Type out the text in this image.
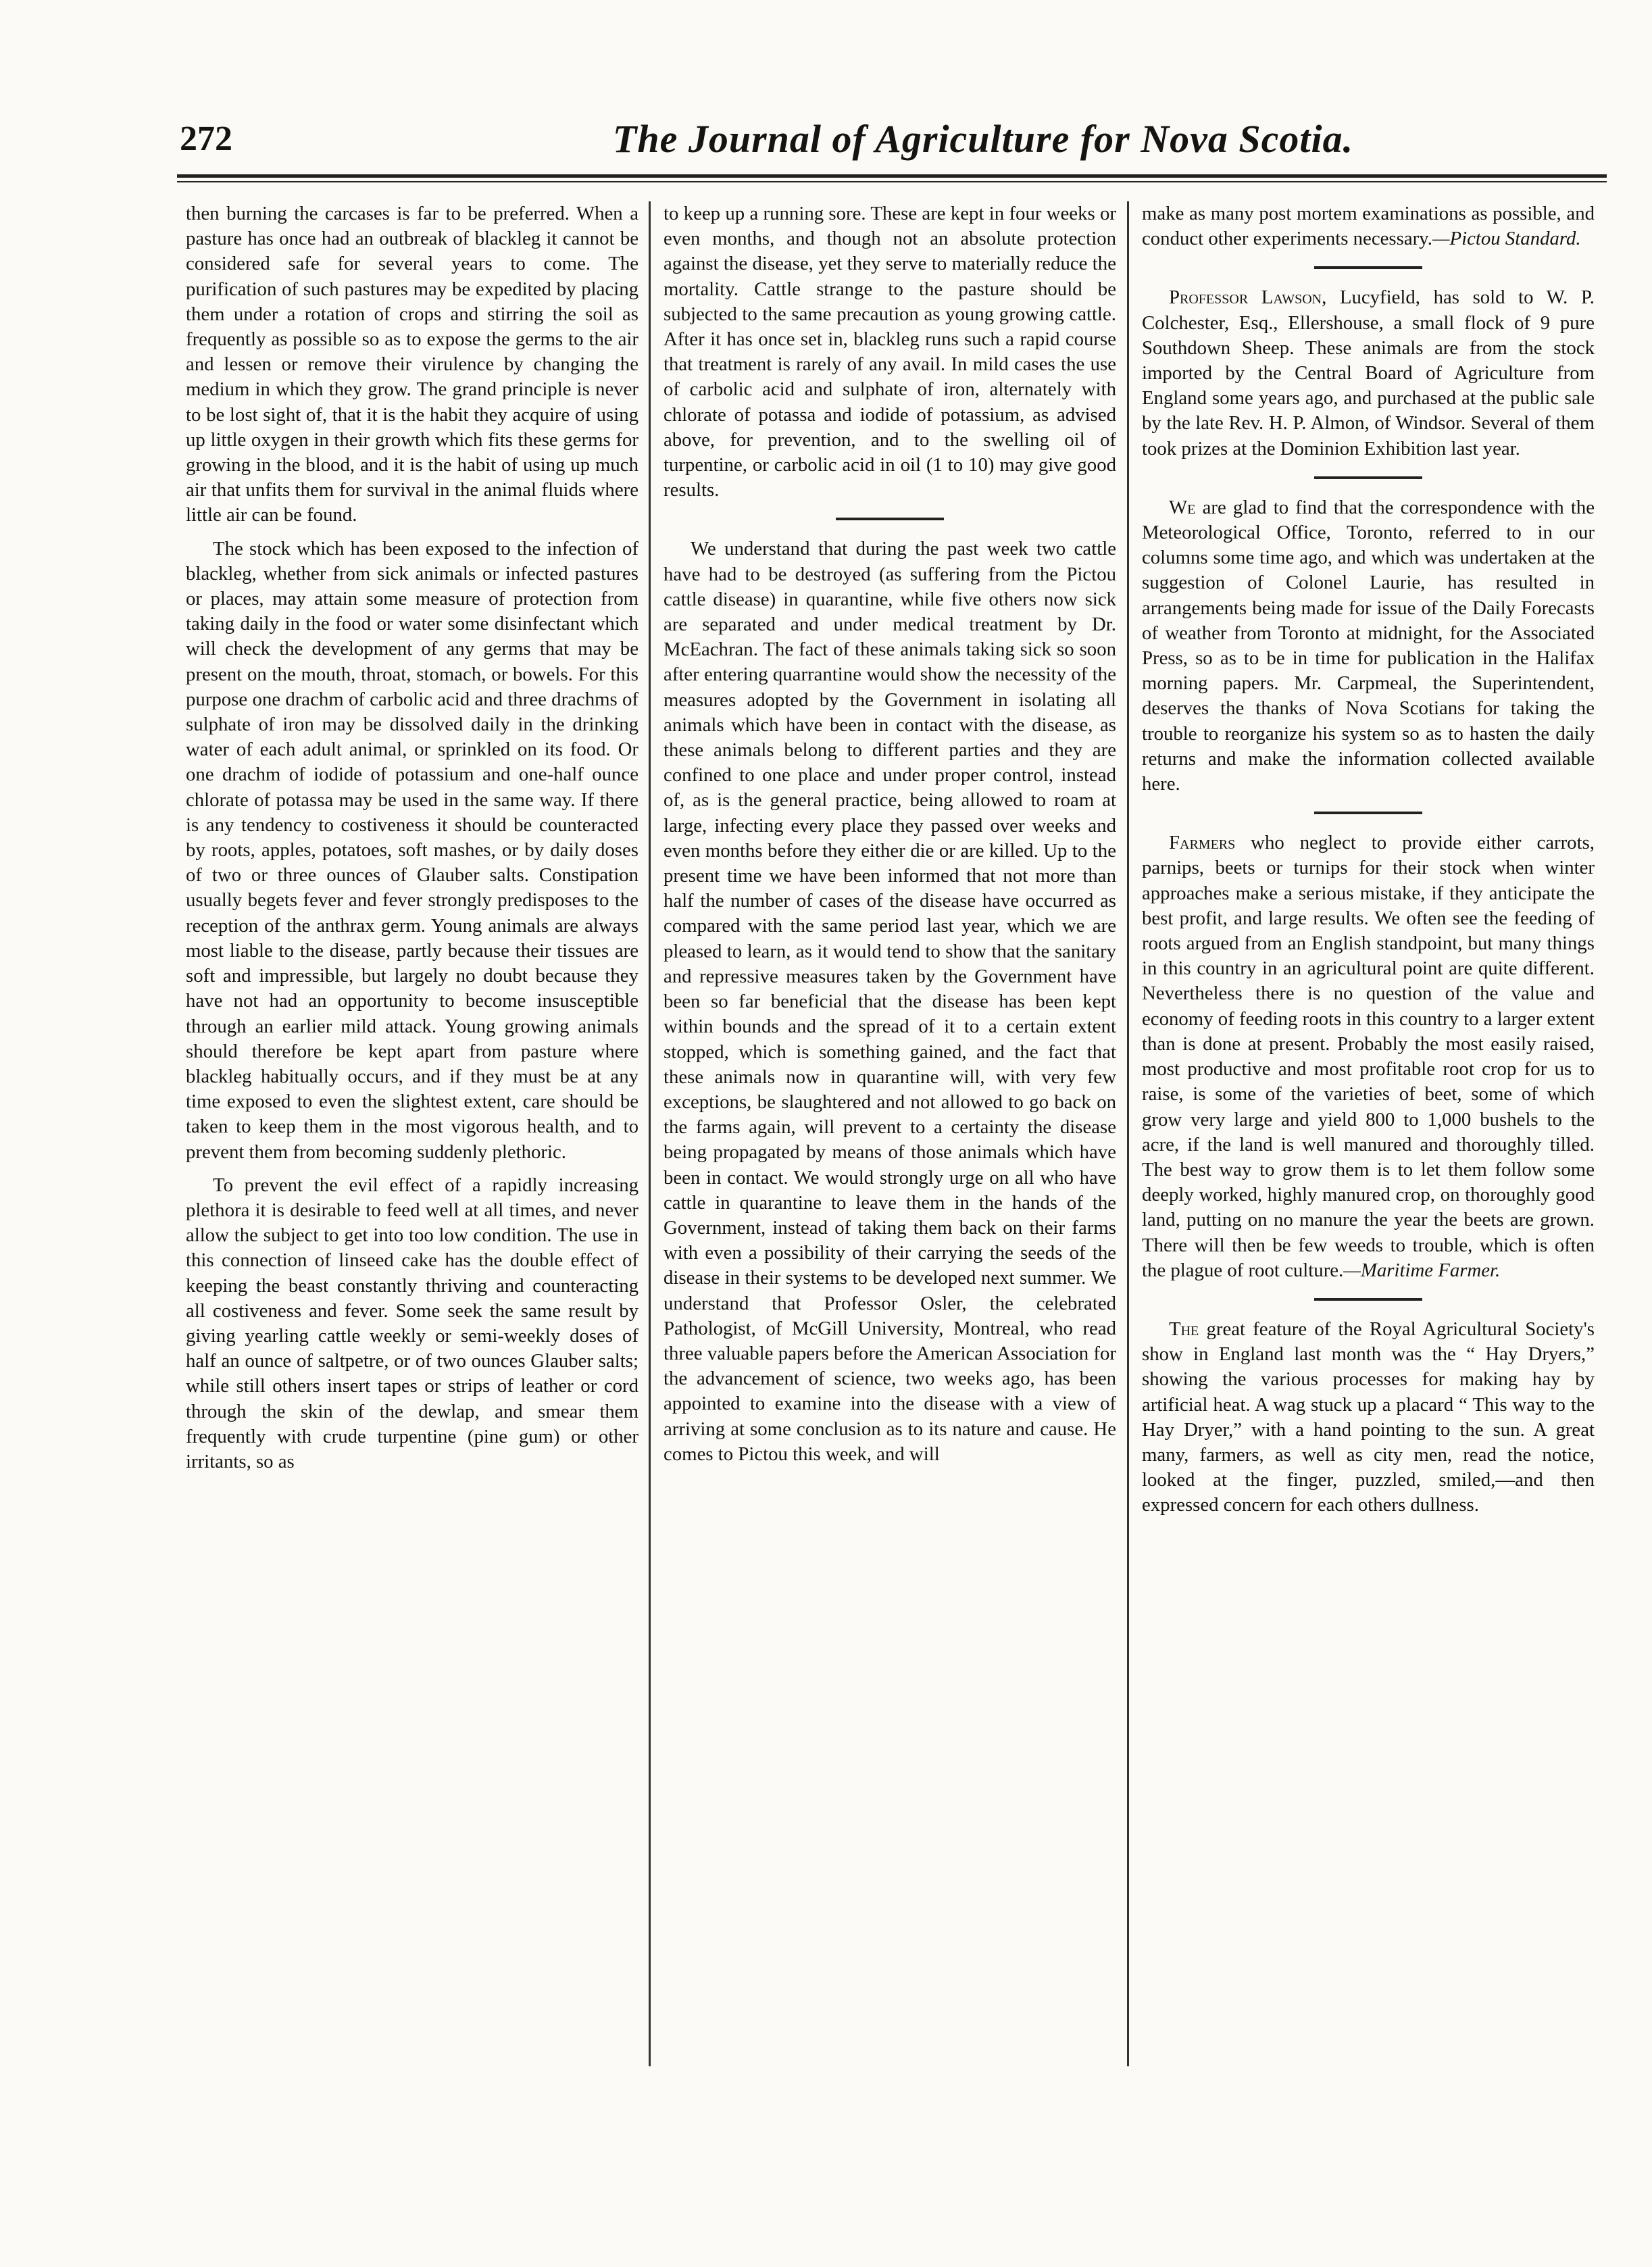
272	The Journal of Agriculture for Nova Scotia.

then burning the carcases is far to be preferred. When a pasture has once had an outbreak of blackleg it cannot be considered safe for several years to come. The purification of such pastures may be expedited by placing them under a rotation of crops and stirring the soil as frequently as possible so as to expose the germs to the air and lessen or remove their virulence by changing the medium in which they grow. The grand principle is never to be lost sight of, that it is the habit they acquire of using up little oxygen in their growth which fits these germs for growing in the blood, and it is the habit of using up much air that unfits them for survival in the animal fluids where little air can be found.

The stock which has been exposed to the infection of blackleg, whether from sick animals or infected pastures or places, may attain some measure of protection from taking daily in the food or water some disinfectant which will check the development of any germs that may be present on the mouth, throat, stomach, or bowels. For this purpose one drachm of carbolic acid and three drachms of sulphate of iron may be dissolved daily in the drinking water of each adult animal, or sprinkled on its food. Or one drachm of iodide of potassium and one-half ounce chlorate of potassa may be used in the same way. If there is any tendency to costiveness it should be counteracted by roots, apples, potatoes, soft mashes, or by daily doses of two or three ounces of Glauber salts. Constipation usually begets fever and fever strongly predisposes to the reception of the anthrax germ. Young animals are always most liable to the disease, partly because their tissues are soft and impressible, but largely no doubt because they have not had an opportunity to become insusceptible through an earlier mild attack. Young growing animals should therefore be kept apart from pasture where blackleg habitually occurs, and if they must be at any time exposed to even the slightest extent, care should be taken to keep them in the most vigorous health, and to prevent them from becoming suddenly plethoric.

To prevent the evil effect of a rapidly increasing plethora it is desirable to feed well at all times, and never allow the subject to get into too low condition. The use in this connection of linseed cake has the double effect of keeping the beast constantly thriving and counteracting all costiveness and fever. Some seek the same result by giving yearling cattle weekly or semi-weekly doses of half an ounce of saltpetre, or of two ounces Glauber salts; while still others insert tapes or strips of leather or cord through the skin of the dewlap, and smear them frequently with crude turpentine (pine gum) or other irritants, so as

to keep up a running sore. These are kept in four weeks or even months, and though not an absolute protection against the disease, yet they serve to materially reduce the mortality. Cattle strange to the pasture should be subjected to the same precaution as young growing cattle. After it has once set in, blackleg runs such a rapid course that treatment is rarely of any avail. In mild cases the use of carbolic acid and sulphate of iron, alternately with chlorate of potassa and iodide of potassium, as advised above, for prevention, and to the swelling oil of turpentine, or carbolic acid in oil (1 to 10) may give good results.

We understand that during the past week two cattle have had to be destroyed (as suffering from the Pictou cattle disease) in quarantine, while five others now sick are separated and under medical treatment by Dr. McEachran. The fact of these animals taking sick so soon after entering quarrantine would show the necessity of the measures adopted by the Government in isolating all animals which have been in contact with the disease, as these animals belong to different parties and they are confined to one place and under proper control, instead of, as is the general practice, being allowed to roam at large, infecting every place they passed over weeks and even months before they either die or are killed. Up to the present time we have been informed that not more than half the number of cases of the disease have occurred as compared with the same period last year, which we are pleased to learn, as it would tend to show that the sanitary and repressive measures taken by the Government have been so far beneficial that the disease has been kept within bounds and the spread of it to a certain extent stopped, which is something gained, and the fact that these animals now in quarantine will, with very few exceptions, be slaughtered and not allowed to go back on the farms again, will prevent to a certainty the disease being propagated by means of those animals which have been in contact. We would strongly urge on all who have cattle in quarantine to leave them in the hands of the Government, instead of taking them back on their farms with even a possibility of their carrying the seeds of the disease in their systems to be developed next summer. We understand that Professor Osler, the celebrated Pathologist, of McGill University, Montreal, who read three valuable papers before the American Association for the advancement of science, two weeks ago, has been appointed to examine into the disease with a view of arriving at some conclusion as to its nature and cause. He comes to Pictou this week, and will

make as many post mortem examinations as possible, and conduct other experiments necessary.—Pictou Standard.

Professor Lawson, Lucyfield, has sold to W. P. Colchester, Esq., Ellershouse, a small flock of 9 pure Southdown Sheep. These animals are from the stock imported by the Central Board of Agriculture from England some years ago, and purchased at the public sale by the late Rev. H. P. Almon, of Windsor. Several of them took prizes at the Dominion Exhibition last year.

We are glad to find that the correspondence with the Meteorological Office, Toronto, referred to in our columns some time ago, and which was undertaken at the suggestion of Colonel Laurie, has resulted in arrangements being made for issue of the Daily Forecasts of weather from Toronto at midnight, for the Associated Press, so as to be in time for publication in the Halifax morning papers. Mr. Carpmeal, the Superintendent, deserves the thanks of Nova Scotians for taking the trouble to reorganize his system so as to hasten the daily returns and make the information collected available here.

Farmers who neglect to provide either carrots, parnips, beets or turnips for their stock when winter approaches make a serious mistake, if they anticipate the best profit, and large results. We often see the feeding of roots argued from an English standpoint, but many things in this country in an agricultural point are quite different. Nevertheless there is no question of the value and economy of feeding roots in this country to a larger extent than is done at present. Probably the most easily raised, most productive and most profitable root crop for us to raise, is some of the varieties of beet, some of which grow very large and yield 800 to 1,000 bushels to the acre, if the land is well manured and thoroughly tilled. The best way to grow them is to let them follow some deeply worked, highly manured crop, on thoroughly good land, putting on no manure the year the beets are grown. There will then be few weeds to trouble, which is often the plague of root culture.—Maritime Farmer.

The great feature of the Royal Agricultural Society's show in England last month was the “ Hay Dryers,” showing the various processes for making hay by artificial heat. A wag stuck up a placard “ This way to the Hay Dryer,” with a hand pointing to the sun. A great many, farmers, as well as city men, read the notice, looked at the finger, puzzled, smiled,—and then expressed concern for each others dullness.
